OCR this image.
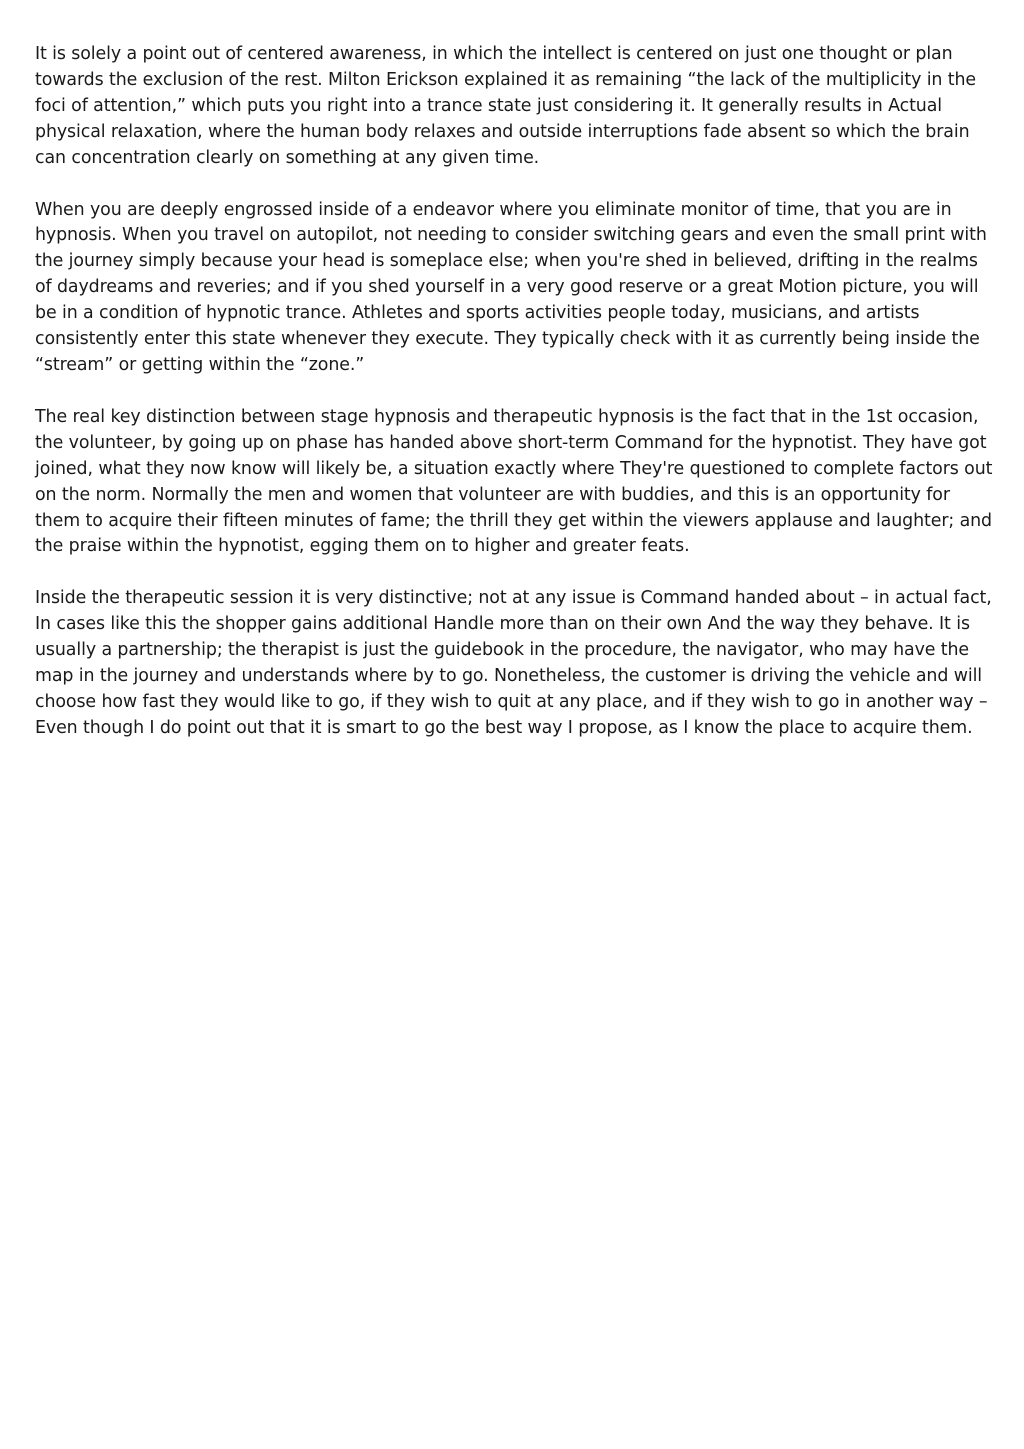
It is solely a point out of centered awareness, in which the intellect is centered on just one thought or plan towards the exclusion of the rest. Milton Erickson explained it as remaining “the lack of the multiplicity in the foci of attention,” which puts you right into a trance state just considering it. It generally results in Actual physical relaxation, where the human body relaxes and outside interruptions fade absent so which the brain can concentration clearly on something at any given time.

When you are deeply engrossed inside of a endeavor where you eliminate monitor of time, that you are in hypnosis. When you travel on autopilot, not needing to consider switching gears and even the small print with the journey simply because your head is someplace else; when you're shed in believed, drifting in the realms of daydreams and reveries; and if you shed yourself in a very good reserve or a great Motion picture, you will be in a condition of hypnotic trance. Athletes and sports activities people today, musicians, and artists consistently enter this state whenever they execute. They typically check with it as currently being inside the “stream” or getting within the “zone.”

The real key distinction between stage hypnosis and therapeutic hypnosis is the fact that in the 1st occasion, the volunteer, by going up on phase has handed above short-term Command for the hypnotist. They have got joined, what they now know will likely be, a situation exactly where They're questioned to complete factors out on the norm. Normally the men and women that volunteer are with buddies, and this is an opportunity for them to acquire their fifteen minutes of fame; the thrill they get within the viewers applause and laughter; and the praise within the hypnotist, egging them on to higher and greater feats.

Inside the therapeutic session it is very distinctive; not at any issue is Command handed about – in actual fact, In cases like this the shopper gains additional Handle more than on their own And the way they behave. It is usually a partnership; the therapist is just the guidebook in the procedure, the navigator, who may have the map in the journey and understands where by to go. Nonetheless, the customer is driving the vehicle and will choose how fast they would like to go, if they wish to quit at any place, and if they wish to go in another way – Even though I do point out that it is smart to go the best way I propose, as I know the place to acquire them.
